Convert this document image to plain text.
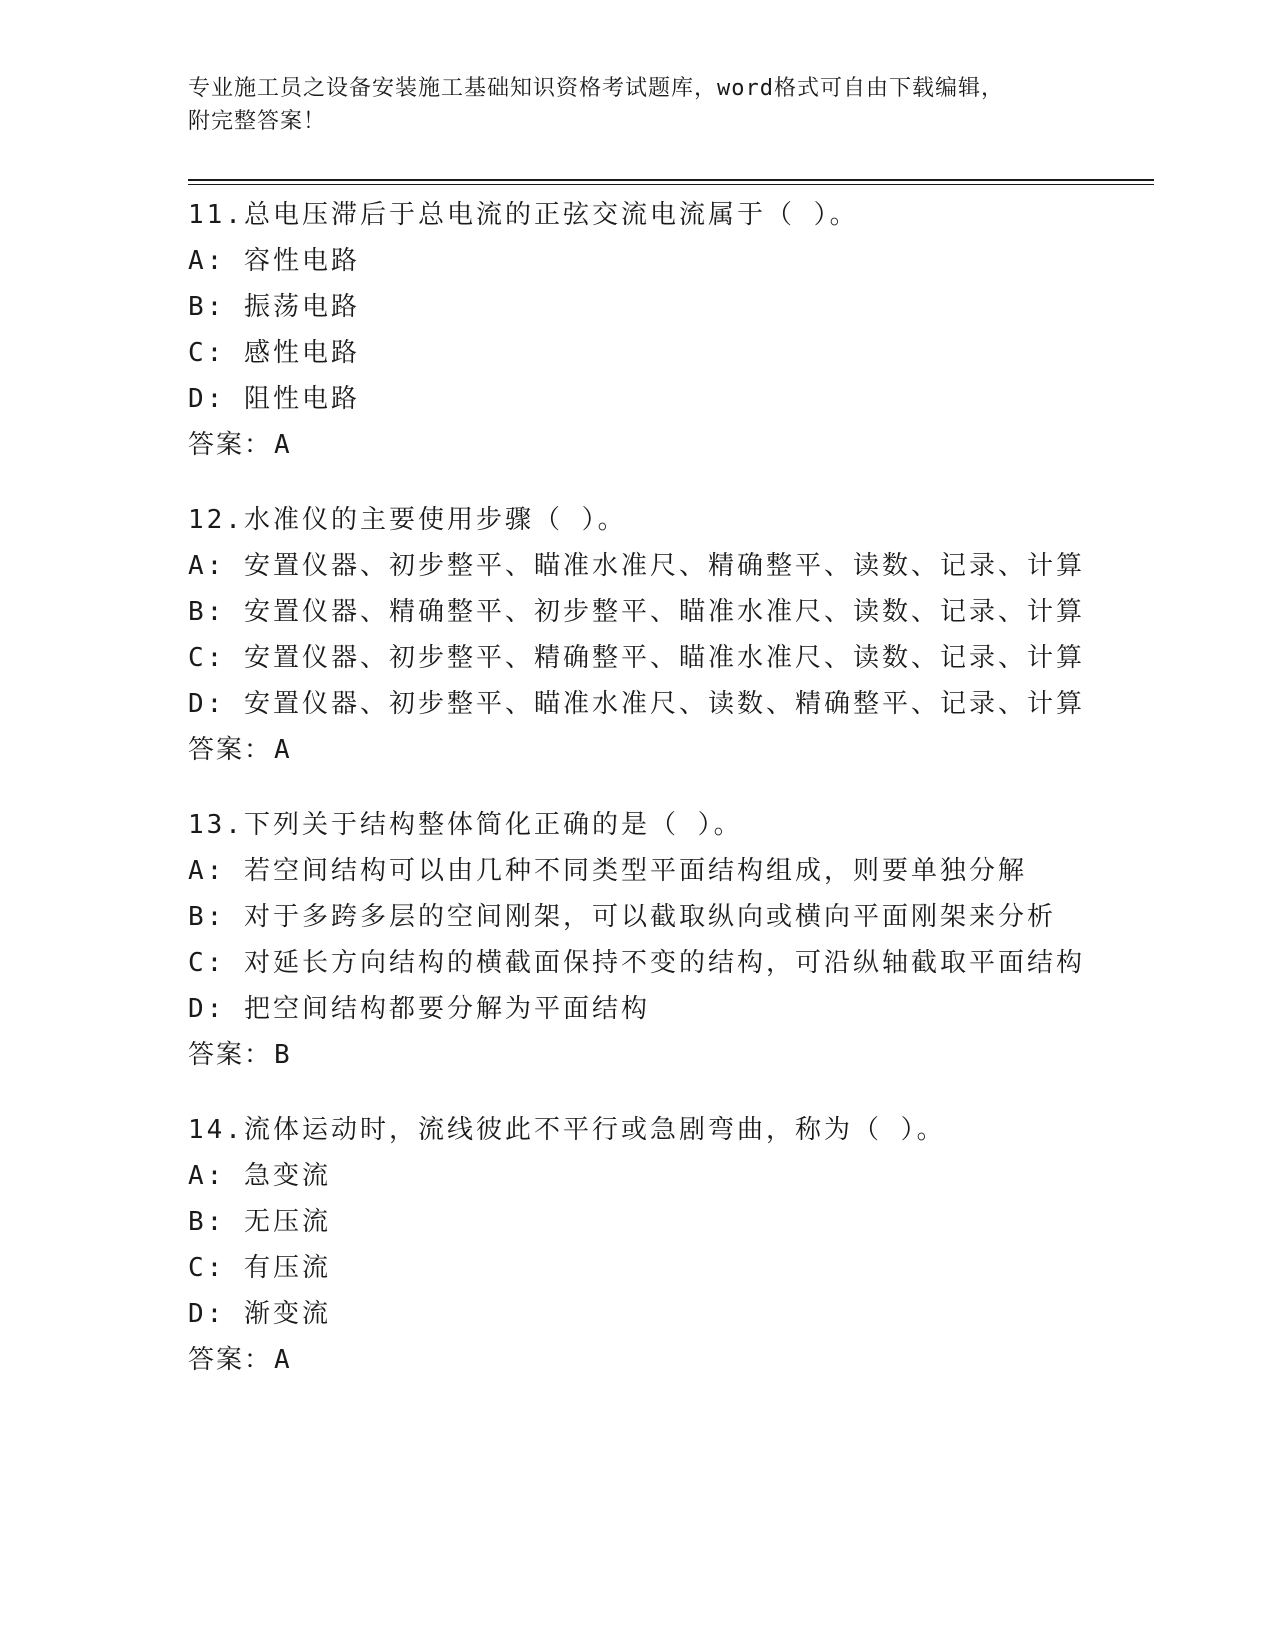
专业施工员之设备安装施工基础知识资格考试题库，word格式可自由下载编辑，
附完整答案！
11.总电压滞后于总电流的正弦交流电流属于（ ）。
A: 容性电路
B: 振荡电路
C: 感性电路
D: 阻性电路
答案：A
12.水准仪的主要使用步骤（ ）。
A: 安置仪器、初步整平、瞄准水准尺、精确整平、读数、记录、计算
B: 安置仪器、精确整平、初步整平、瞄准水准尺、读数、记录、计算
C: 安置仪器、初步整平、精确整平、瞄准水准尺、读数、记录、计算
D: 安置仪器、初步整平、瞄准水准尺、读数、精确整平、记录、计算
答案：A
13.下列关于结构整体简化正确的是（ ）。
A: 若空间结构可以由几种不同类型平面结构组成，则要单独分解
B: 对于多跨多层的空间刚架，可以截取纵向或横向平面刚架来分析
C: 对延长方向结构的横截面保持不变的结构，可沿纵轴截取平面结构
D: 把空间结构都要分解为平面结构
答案：B
14.流体运动时，流线彼此不平行或急剧弯曲，称为（ ）。
A: 急变流
B: 无压流
C: 有压流
D: 渐变流
答案：A
